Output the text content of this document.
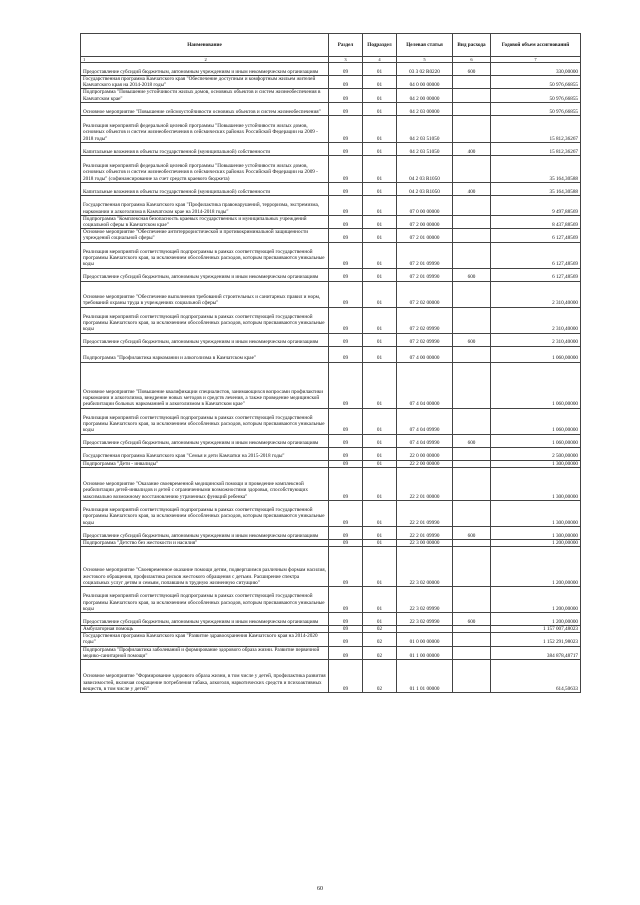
Наименование	Раздел	Подраздел	Целевая статья	Вид расхода	Годовой объем ассигнований

1 2	3	4	5	6	7
Предоставление субсидий бюджетным, автономным учреждениям и иным некоммерческим организациям	09	01	03 3 02 R0220	600	330,00000
Государственная программа Камчатского края "Обеспечение доступным и комфортным жильем жителей Камчатского края на 2014-2018 годы"	09	01	04 0 00 00000		50 976,66855
Подпрограмма "Повышение устойчивости жилых домов, основных объектов и систем жизнеобеспечения в Камчатском крае"	09	01	04 2 00 00000		50 976,66855
Основное мероприятие "Повышение сейсмоустойчивости основных объектов и систем жизнеобеспечения"	09	01	04 2 03 00000		50 976,66855
Реализация мероприятий федеральной целевой программы "Повышение устойчивости жилых домов, основных объектов и систем жизнеобеспечения в сейсмических районах Российской Федерации на 2009 - 2018 годы"	09	01	04 2 03 51050		15 812,36267
Капитальные вложения в объекты государственной (муниципальной) собственности	09	01	04 2 03 51050	400	15 812,36267
Реализация мероприятий федеральной целевой программы "Повышение устойчивости жилых домов, основных объектов и систем жизнеобеспечения в сейсмических районах Российской Федерации на 2009 - 2018 годы" (софинансирование за счет средств краевого бюджета)	09	01	04 2 03 R1050		35 164,30588
Капитальные вложения в объекты государственной (муниципальной) собственности	09	01	04 2 03 R1050	400	35 164,30588
Государственная программа Камчатского края "Профилактика правонарушений, терроризма, экстремизма, наркомании и алкоголизма в Камчатском крае на 2014-2018 годы"	09	01	07 0 00 00000		9 497,88569
Подпрограмма "Комплексная безопасность краевых государственных и муниципальных учреждений социальной сферы в Камчатском крае"	09	01	07 2 00 00000		8 437,88569
Основное мероприятие "Обеспечение антитеррористической и противокриминальной защищенности учреждений социальной сферы"	09	01	07 2 01 00000		6 127,48569
Реализация мероприятий соответствующей подпрограммы в рамках соответствующей государственной программы Камчатского края, за исключением обособленных расходов, которым присваиваются уникальные коды	09	01	07 2 01 09990		6 127,48569
Предоставление субсидий бюджетным, автономным учреждениям и иным некоммерческим организациям	09	01	07 2 01 09990	600	6 127,48569
Основное мероприятие "Обеспечение выполнения требований строительных и санитарных правил и норм, требований охраны труда в учреждениях социальной сферы"	09	01	07 2 02 00000		2 310,40000
Реализация мероприятий соответствующей подпрограммы в рамках соответствующей государственной программы Камчатского края, за исключением обособленных расходов, которым присваиваются уникальные коды	09	01	07 2 02 09990		2 310,40000
Предоставление субсидий бюджетным, автономным учреждениям и иным некоммерческим организациям	09	01	07 2 02 09990	600	2 310,40000
Подпрограмма "Профилактика наркомании и алкоголизма в Камчатском крае"	09	01	07 4 00 00000		1 060,00000
Основное мероприятие "Повышение квалификации специалистов, занимающихся вопросами профилактики наркомании и алкоголизма, внедрение новых методов и средств лечения, а также проведение медицинской реабилитации больных наркоманией и алкоголизмом в Камчатском крае"	09	01	07 4 04 00000		1 060,00000
Реализация мероприятий соответствующей подпрограммы в рамках соответствующей государственной программы Камчатского края, за исключением обособленных расходов, которым присваиваются уникальные коды	09	01	07 4 04 09990		1 060,00000
Предоставление субсидий бюджетным, автономным учреждениям и иным некоммерческим организациям	09	01	07 4 04 09990	600	1 060,00000
Государственная программа Камчатского края "Семья и дети Камчатки на 2015-2018 годы"	09	01	22 0 00 00000		2 500,00000
Подпрограмма "Дети - инвалиды"	09	01	22 2 00 00000		1 300,00000
Основное мероприятие "Оказание своевременной медицинской помощи и проведение комплексной реабилитации детей-инвалидов и детей с ограниченными возможностями здоровья, способствующих максимально возможному восстановлению утраченных функций ребенка"	09	01	22 2 01 00000		1 300,00000
Реализация мероприятий соответствующей подпрограммы в рамках соответствующей государственной программы Камчатского края, за исключением обособленных расходов, которым присваиваются уникальные коды	09	01	22 2 01 09990		1 300,00000
Предоставление субсидий бюджетным, автономным учреждениям и иным некоммерческим организациям	09	01	22 2 01 09990	600	1 300,00000
Подпрограмма "Детство без жестокости и насилия"	09	01	22 3 00 00000		1 200,00000
Основное мероприятие "Своевременное оказание помощи детям, подвергшимся различным формам насилия, жестокого обращения, профилактика рисков жестокого обращения с детьми. Расширение спектра социальных услуг детям и семьям, попавшим в трудную жизненную ситуацию"	09	01	22 3 02 00000		1 200,00000
Реализация мероприятий соответствующей подпрограммы в рамках соответствующей государственной программы Камчатского края, за исключением обособленных расходов, которым присваиваются уникальные коды	09	01	22 3 02 09990		1 200,00000
Предоставление субсидий бюджетным, автономным учреждениям и иным некоммерческим организациям	09	01	22 3 02 09990	600	1 200,00000
Амбулаторная помощь	09	02			1 157 007,48023
Государственная программа Камчатского края "Развитие здравоохранения Камчатского края на 2014-2020 годы"	09	02	01 0 00 00000		1 152 291,98023
Подпрограмма "Профилактика заболеваний и формирование здорового образа жизни. Развитие первичной медико-санитарной помощи"	09	02	01 1 00 00000		384 878,48717
Основное мероприятие "Формирование здорового образа жизни, в том числе у детей, профилактика развития зависимостей, включая сокращение потребления табака, алкоголя, наркотических средств и психоактивных веществ, в том числе у детей"	09	02	01 1 01 00000		614,50633
60
